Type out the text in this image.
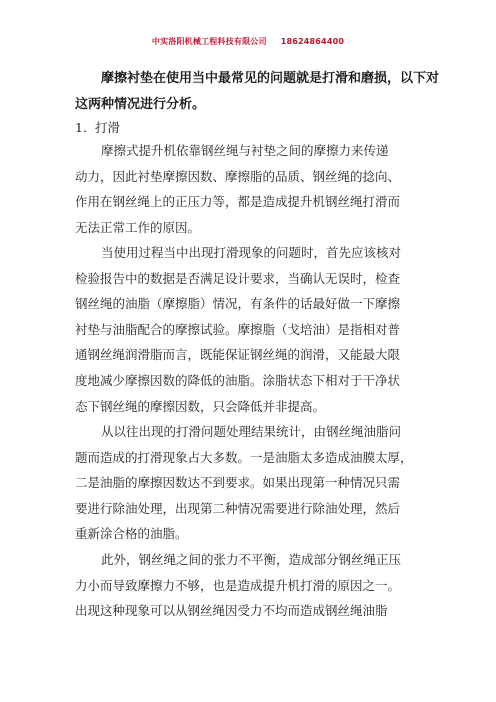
中实洛阳机械工程科技有限公司 18624864400
摩擦衬垫在使用当中最常见的问题就是打滑和磨损，以下对
这两种情况进行分析。
1. 打滑
摩擦式提升机依靠钢丝绳与衬垫之间的摩擦力来传递
动力，因此衬垫摩擦因数、摩擦脂的品质、钢丝绳的捻向、
作用在钢丝绳上的正压力等，都是造成提升机钢丝绳打滑而
无法正常工作的原因。
当使用过程当中出现打滑现象的问题时，首先应该核对
检验报告中的数据是否满足设计要求，当确认无误时，检查
钢丝绳的油脂（摩擦脂）情况，有条件的话最好做一下摩擦
衬垫与油脂配合的摩擦试验。摩擦脂（戈培油）是指相对普
通钢丝绳润滑脂而言，既能保证钢丝绳的润滑，又能最大限
度地减少摩擦因数的降低的油脂。涂脂状态下相对于干净状
态下钢丝绳的摩擦因数，只会降低并非提高。
从以往出现的打滑问题处理结果统计，由钢丝绳油脂问
题而造成的打滑现象占大多数。一是油脂太多造成油膜太厚，
二是油脂的摩擦因数达不到要求。如果出现第一种情况只需
要进行除油处理，出现第二种情况需要进行除油处理，然后
重新涂合格的油脂。
此外，钢丝绳之间的张力不平衡，造成部分钢丝绳正压
力小而导致摩擦力不够，也是造成提升机打滑的原因之一。
出现这种现象可以从钢丝绳因受力不均而造成钢丝绳油脂
